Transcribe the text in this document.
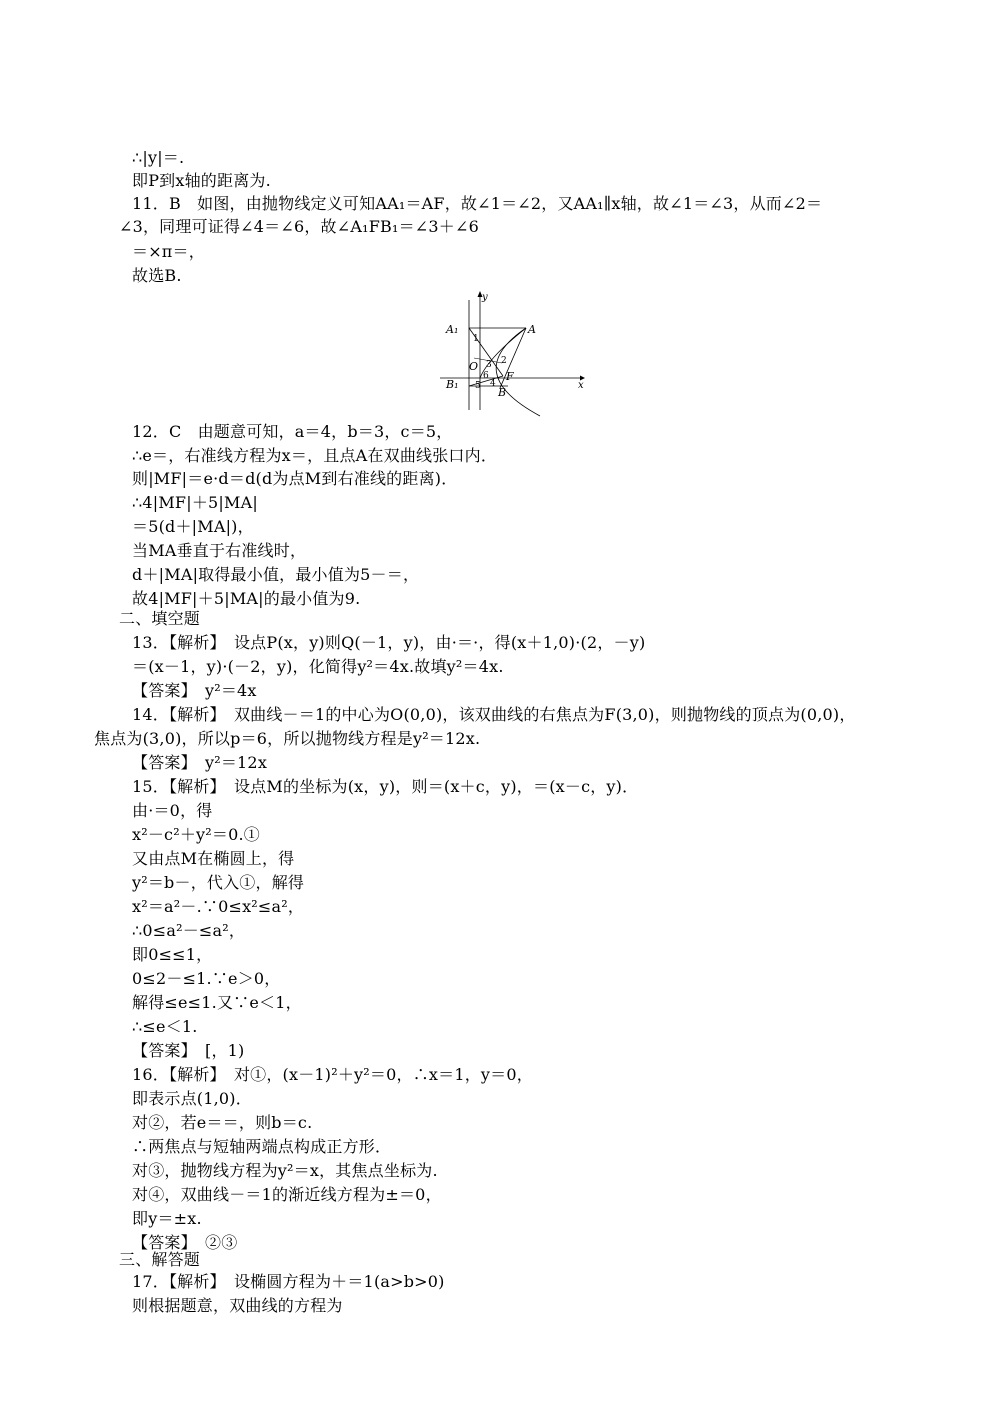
∴|y|＝.
即P到x轴的距离为.
11．B　如图，由抛物线定义可知AA₁＝AF，故∠1＝∠2，又AA₁∥x轴，故∠1＝∠3，从而∠2＝
∠3，同理可证得∠4＝∠6，故∠A₁FB₁＝∠3＋∠6
＝×π＝，
故选B.
y
x
A₁	A
B₁
B
O
F
1
2
3
4
5
6
12．C　由题意可知，a＝4，b＝3，c＝5，
∴e＝，右准线方程为x＝，且点A在双曲线张口内．
则|MF|＝e·d＝d(d为点M到右准线的距离)．
∴4|MF|＋5|MA|
＝5(d＋|MA|)，
当MA垂直于右准线时，
d＋|MA|取得最小值，最小值为5－＝，
故4|MF|＋5|MA|的最小值为9.
二、填空题
13．【解析】　设点P(x，y)则Q(－1，y)，由·＝·，得(x＋1,0)·(2，－y)
＝(x－1，y)·(－2，y)，化简得y²＝4x.故填y²＝4x.
【答案】　y²＝4x
14．【解析】　双曲线－＝1的中心为O(0,0)，该双曲线的右焦点为F(3,0)，则抛物线的顶点为(0,0)，
焦点为(3,0)，所以p＝6，所以抛物线方程是y²＝12x.
【答案】　y²＝12x
15．【解析】　设点M的坐标为(x，y)，则＝(x＋c，y)，＝(x－c，y)．
由·＝0，得
x²－c²＋y²＝0.①
又由点M在椭圆上，得
y²＝b－，代入①，解得
x²＝a²－.∵0≤x²≤a²，
∴0≤a²－≤a²，
即0≤≤1，
0≤2－≤1.∵e＞0，
解得≤e≤1.又∵e＜1，
∴≤e＜1.
【答案】　[，1)
16．【解析】　对①，(x－1)²＋y²＝0，∴x＝1，y＝0，
即表示点(1,0)．
对②，若e＝＝，则b＝c.
∴两焦点与短轴两端点构成正方形．
对③，抛物线方程为y²＝x，其焦点坐标为.
对④，双曲线－＝1的渐近线方程为±＝0，
即y＝±x.
【答案】　②③
三、解答题
17．【解析】　设椭圆方程为＋＝1(a>b>0)
则根据题意，双曲线的方程为
